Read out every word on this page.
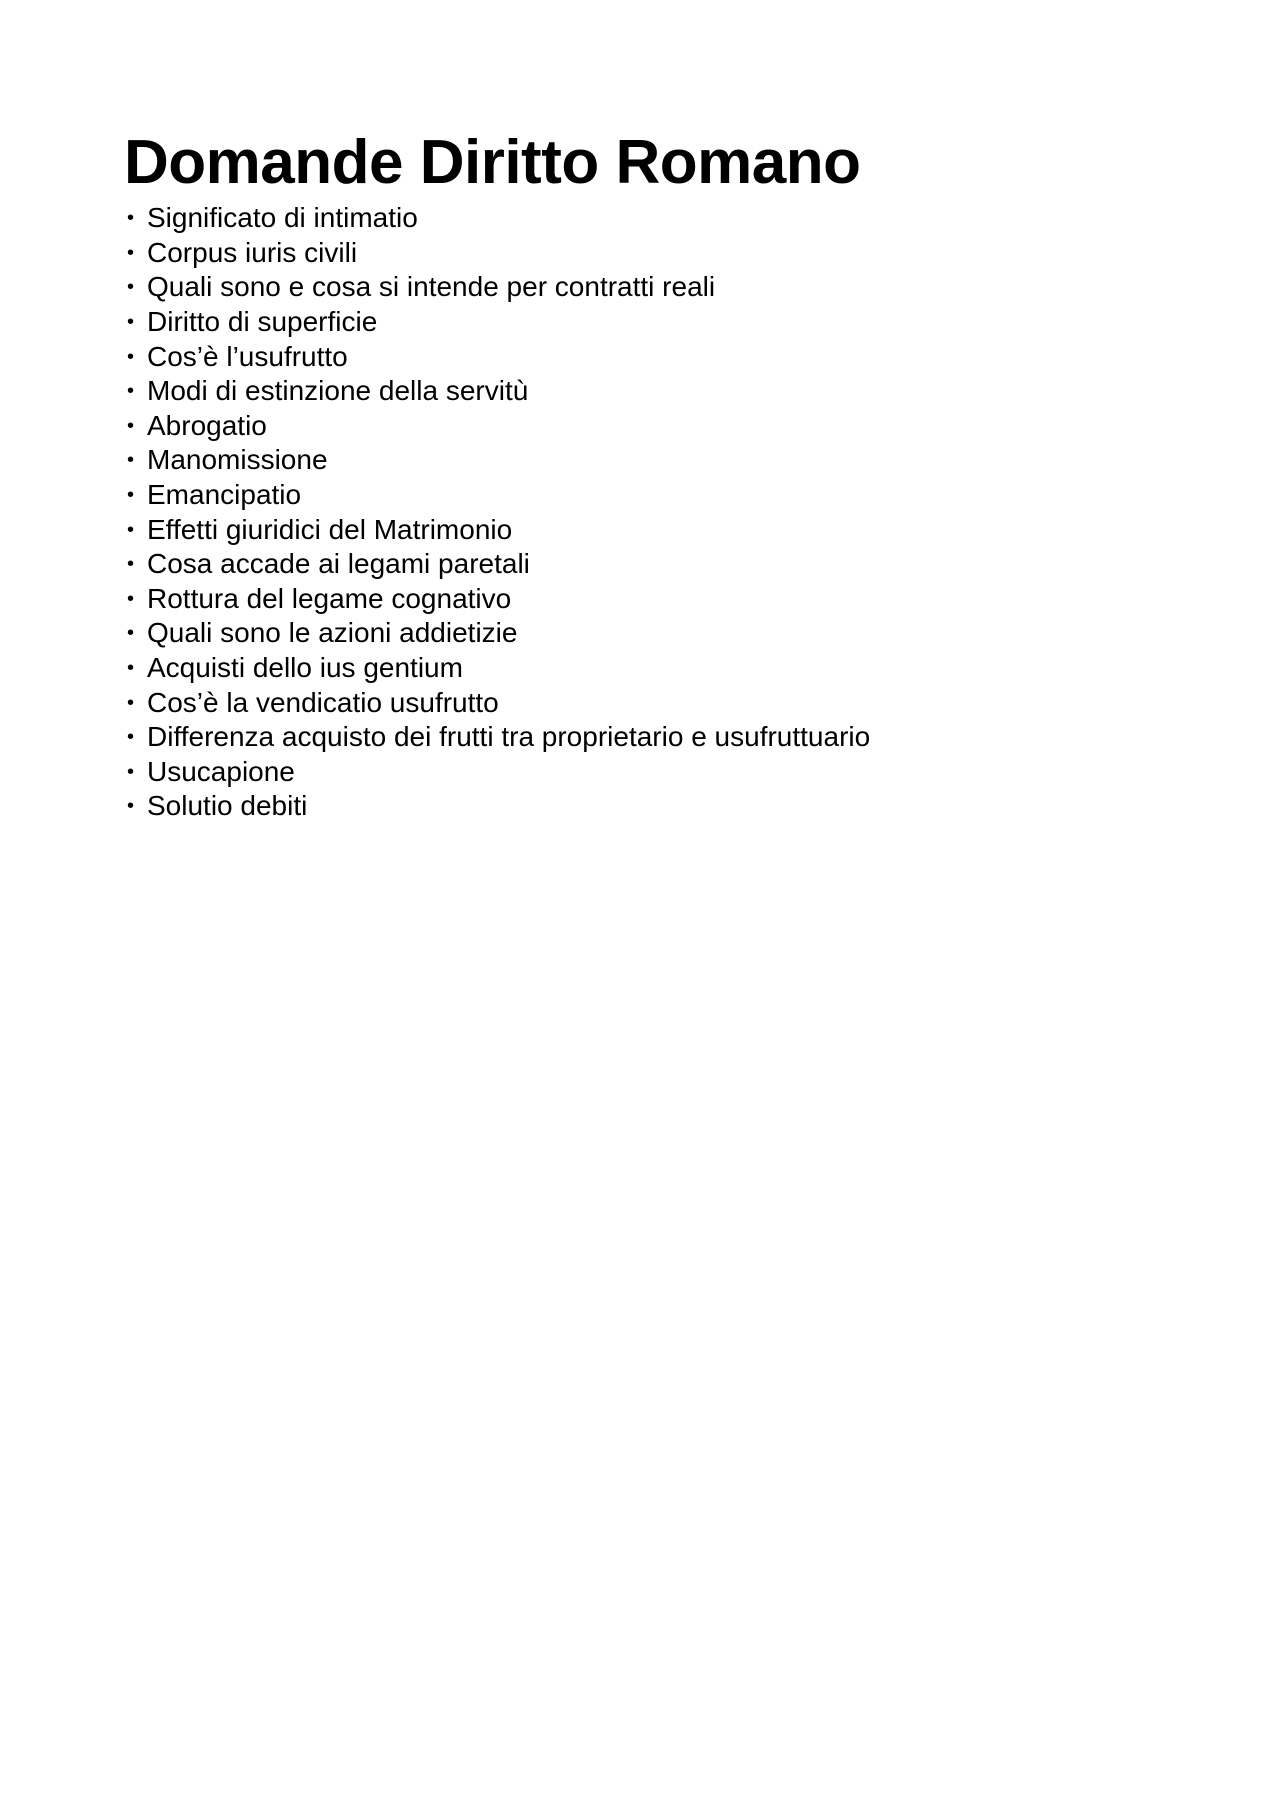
Domande Diritto Romano
• Significato di intimatio
• Corpus iuris civili
• Quali sono e cosa si intende per contratti reali
• Diritto di superficie
• Cos’è l’usufrutto
• Modi di estinzione della servitù
• Abrogatio
• Manomissione
• Emancipatio
• Effetti giuridici del Matrimonio
• Cosa accade ai legami paretali
• Rottura del legame cognativo
• Quali sono le azioni addietizie
• Acquisti dello ius gentium
• Cos’è la vendicatio usufrutto
• Differenza acquisto dei frutti tra proprietario e usufruttuario
• Usucapione
• Solutio debiti
